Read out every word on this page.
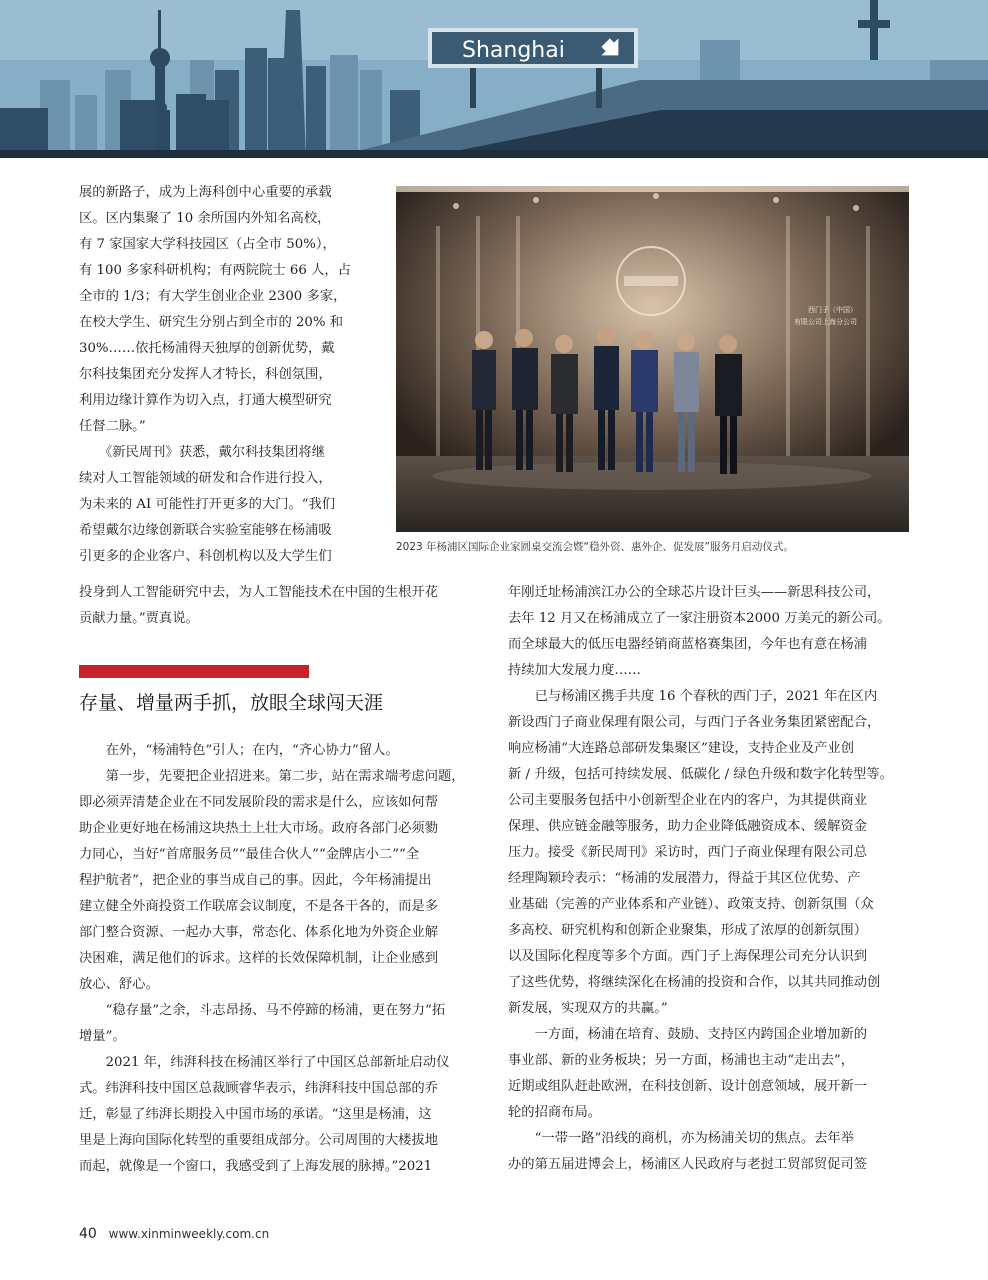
Shanghai
西门子（中国）
有限公司上海分公司
2023 年杨浦区国际企业家圆桌交流会暨“稳外资、惠外企、促发展”服务月启动仪式。
展的新路子，成为上海科创中心重要的承载
区。区内集聚了 10 余所国内外知名高校，
有 7 家国家大学科技园区（占全市 50%），
有 100 多家科研机构；有两院院士 66 人，占
全市的 1/3；有大学生创业企业 2300 多家，
在校大学生、研究生分别占到全市的 20% 和
30%……依托杨浦得天独厚的创新优势，戴
尔科技集团充分发挥人才特长，科创氛围，
利用边缘计算作为切入点，打通大模型研究
任督二脉。”
　　《新民周刊》获悉，戴尔科技集团将继
续对人工智能领域的研发和合作进行投入，
为未来的 AI 可能性打开更多的大门。“我们
希望戴尔边缘创新联合实验室能够在杨浦吸
引更多的企业客户、科创机构以及大学生们
投身到人工智能研究中去，为人工智能技术在中国的生根开花
贡献力量。”贾真说。
存量、增量两手抓，放眼全球闯天涯
　　在外，“杨浦特色”引人；在内，“齐心协力”留人。
　　第一步，先要把企业招进来。第二步，站在需求端考虑问题，
即必须弄清楚企业在不同发展阶段的需求是什么，应该如何帮
助企业更好地在杨浦这块热土上壮大市场。政府各部门必须勠
力同心，当好“首席服务员”“最佳合伙人”“金牌店小二”“全
程护航者”，把企业的事当成自己的事。因此，今年杨浦提出
建立健全外商投资工作联席会议制度，不是各干各的，而是多
部门整合资源、一起办大事，常态化、体系化地为外资企业解
决困难，满足他们的诉求。这样的长效保障机制，让企业感到
放心、舒心。
　　“稳存量”之余，斗志昂扬、马不停蹄的杨浦，更在努力“拓
增量”。
　　2021 年，纬湃科技在杨浦区举行了中国区总部新址启动仪
式。纬湃科技中国区总裁顾睿华表示，纬湃科技中国总部的乔
迁，彰显了纬湃长期投入中国市场的承诺。“这里是杨浦，这
里是上海向国际化转型的重要组成部分。公司周围的大楼拔地
而起，就像是一个窗口，我感受到了上海发展的脉搏。”2021
年刚迁址杨浦滨江办公的全球芯片设计巨头——新思科技公司，
去年 12 月又在杨浦成立了一家注册资本2000 万美元的新公司。
而全球最大的低压电器经销商蓝格赛集团，今年也有意在杨浦
持续加大发展力度……
　　已与杨浦区携手共度 16 个春秋的西门子，2021 年在区内
新设西门子商业保理有限公司，与西门子各业务集团紧密配合，
响应杨浦“大连路总部研发集聚区”建设，支持企业及产业创
新 / 升级，包括可持续发展、低碳化 / 绿色升级和数字化转型等。
公司主要服务包括中小创新型企业在内的客户，为其提供商业
保理、供应链金融等服务，助力企业降低融资成本、缓解资金
压力。接受《新民周刊》采访时，西门子商业保理有限公司总
经理陶颖玲表示：“杨浦的发展潜力，得益于其区位优势、产
业基础（完善的产业体系和产业链）、政策支持、创新氛围（众
多高校、研究机构和创新企业聚集，形成了浓厚的创新氛围）
以及国际化程度等多个方面。西门子上海保理公司充分认识到
了这些优势，将继续深化在杨浦的投资和合作，以其共同推动创
新发展，实现双方的共赢。”
　　一方面，杨浦在培育、鼓励、支持区内跨国企业增加新的
事业部、新的业务板块；另一方面，杨浦也主动“走出去”，
近期或组队赶赴欧洲，在科技创新、设计创意领域，展开新一
轮的招商布局。
　　“一带一路”沿线的商机，亦为杨浦关切的焦点。去年举
办的第五届进博会上，杨浦区人民政府与老挝工贸部贸促司签
40 www.xinminweekly.com.cn
